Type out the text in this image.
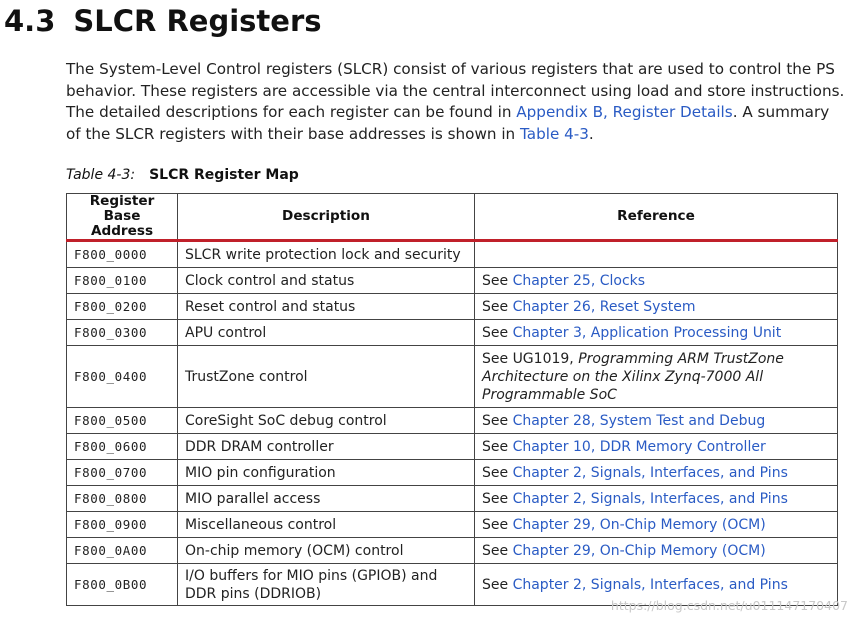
4.3 SLCR Registers

The System-Level Control registers (SLCR) consist of various registers that are used to control the PS
behavior. These registers are accessible via the central interconnect using load and store instructions.
The detailed descriptions for each register can be found in Appendix B, Register Details. A summary
of the SLCR registers with their base addresses is shown in Table 4-3.

Table 4-3: SLCR Register Map

Register Base
Address	Description	Reference
F800_0000	SLCR write protection lock and security	
F800_0100	Clock control and status	See Chapter 25, Clocks
F800_0200	Reset control and status	See Chapter 26, Reset System
F800_0300	APU control	See Chapter 3, Application Processing Unit
F800_0400	TrustZone control	See UG1019, Programming ARM TrustZone Architecture on the Xilinx Zynq-7000 All Programmable SoC
F800_0500	CoreSight SoC debug control	See Chapter 28, System Test and Debug
F800_0600	DDR DRAM controller	See Chapter 10, DDR Memory Controller
F800_0700	MIO pin configuration	See Chapter 2, Signals, Interfaces, and Pins
F800_0800	MIO parallel access	See Chapter 2, Signals, Interfaces, and Pins
F800_0900	Miscellaneous control	See Chapter 29, On-Chip Memory (OCM)
F800_0A00	On-chip memory (OCM) control	See Chapter 29, On-Chip Memory (OCM)
F800_0B00	I/O buffers for MIO pins (GPIOB) and
DDR pins (DDRIOB)	See Chapter 2, Signals, Interfaces, and Pins
https://blog.csdn.net/u011147170407
